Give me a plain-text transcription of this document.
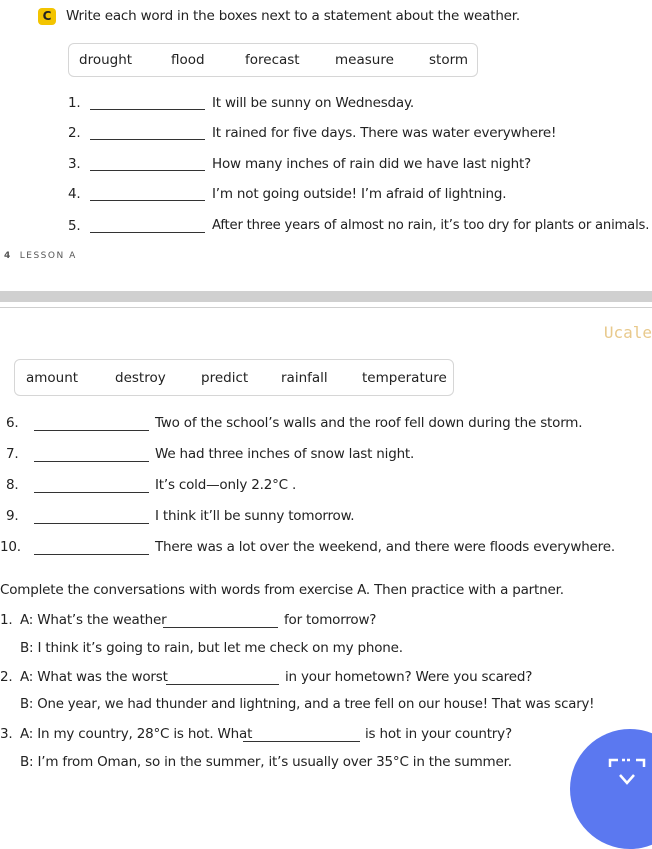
C	Write each word in the boxes next to a statement about the weather.
drought	flood	forecast	measure	storm
1.	It will be sunny on Wednesday.
2.	It rained for five days. There was water everywhere!
3.	How many inches of rain did we have last night?
4.	I’m not going outside! I’m afraid of lightning.
5.	After three years of almost no rain, it’s too dry for plants or animals.
4 LESSON A
Ucale
amount	destroy	predict rainfall	temperature
6.	Two of the school’s walls and the roof fell down during the storm.
7.	We had three inches of snow last night.
8.	It’s cold—only 2.2°C .
9.	I think it’ll be sunny tomorrow.
10.	There was a lot over the weekend, and there were floods everywhere.
Complete the conversations with words from exercise A. Then practice with a partner.
1. A: What’s the weather	for tomorrow?
B: I think it’s going to rain, but let me check on my phone.
2. A: What was the worst	in your hometown? Were you scared?
B: One year, we had thunder and lightning, and a tree fell on our house! That was scary!
3. A: In my country, 28°C is hot. What	is hot in your country?
B: I’m from Oman, so in the summer, it’s usually over 35°C in the summer.
